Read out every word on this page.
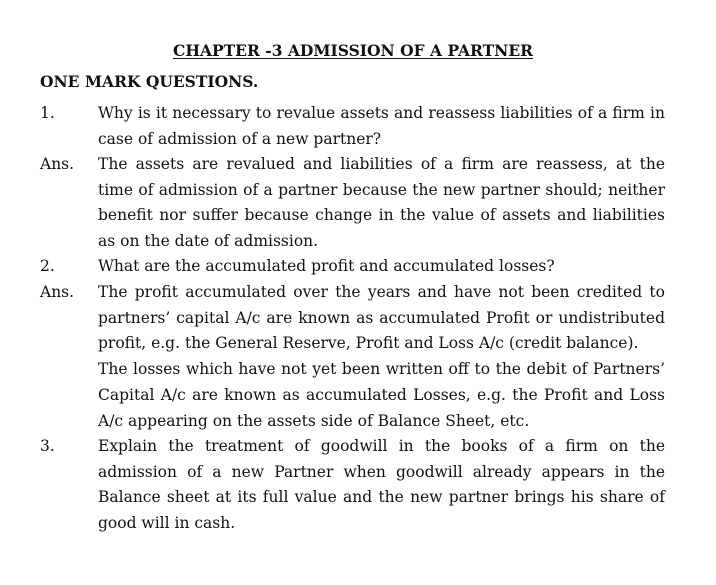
CHAPTER -3 ADMISSION OF A PARTNER
ONE MARK QUESTIONS.
1.	Why is it necessary to revalue assets and reassess liabilities of a firm in case of admission of a new partner?

Ans. The assets are revalued and liabilities of a firm are reassess, at the time of admission of a partner because the new partner should; neither benefit nor suffer because change in the value of assets and liabilities as on the date of admission.

2.	What are the accumulated profit and accumulated losses?

Ans. The profit accumulated over the years and have not been credited to partners’ capital A/c are known as accumulated Profit or undistributed profit, e.g. the General Reserve, Profit and Loss A/c (credit balance).

The losses which have not yet been written off to the debit of Partners’ Capital A/c are known as accumulated Losses, e.g. the Profit and Loss A/c appearing on the assets side of Balance Sheet, etc.

3.	Explain the treatment of goodwill in the books of a firm on the admission of a new Partner when goodwill already appears in the Balance sheet at its full value and the new partner brings his share of good will in cash.
